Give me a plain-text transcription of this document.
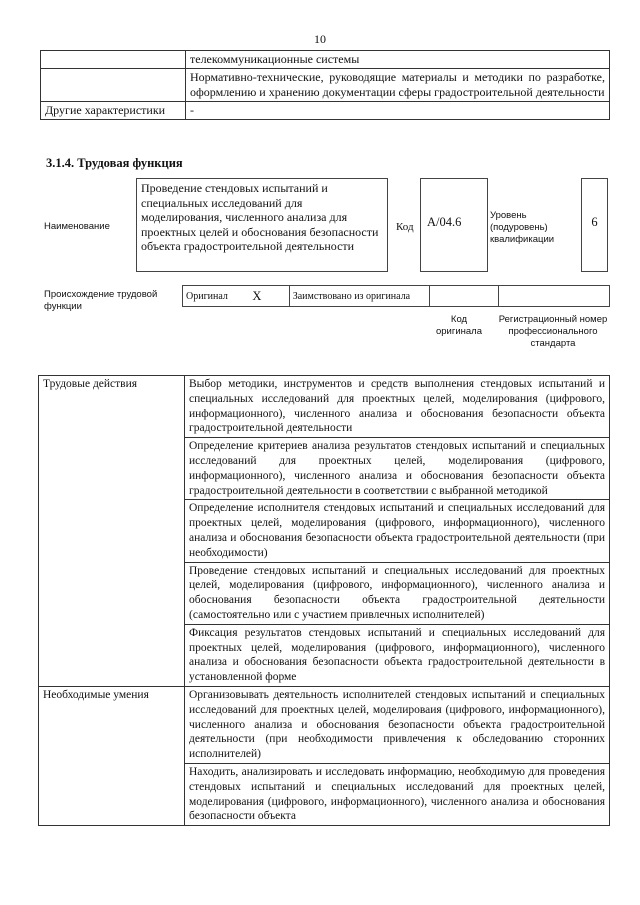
10
	телекоммуникационные системы
	Нормативно-технические, руководящие материалы и методики по разработке, оформлению и хранению документации сферы градостроительной деятельности
Другие характеристики	-
3.1.4. Трудовая функция
Наименование
Проведение стендовых испытаний и специальных исследований для моделирования, численного анализа для проектных целей и обоснования безопасности объекта градостроительной деятельности
Код	А/04.6	Уровень (подуровень) квалификации
6
Происхождение трудовой функции
Оригинал	X	Заимствовано из оригинала		
Код оригинала
Регистрационный номер профессионального стандарта
Трудовые действия	Выбор методики, инструментов и средств выполнения стендовых испытаний и специальных исследований для проектных целей, моделирования (цифрового, информационного), численного анализа и обоснования безопасности объекта градостроительной деятельности
	Определение критериев анализа результатов стендовых испытаний и специальных исследований для проектных целей, моделирования (цифрового, информационного), численного анализа и обоснования безопасности объекта градостроительной деятельности в соответствии с выбранной методикой
	Определение исполнителя стендовых испытаний и специальных исследований для проектных целей, моделирования (цифрового, информационного), численного анализа и обоснования безопасности объекта градостроительной деятельности (при необходимости)
	Проведение стендовых испытаний и специальных исследований для проектных целей, моделирования (цифрового, информационного), численного анализа и обоснования безопасности объекта градостроительной деятельности (самостоятельно или с участием привлечных исполнителей)
	Фиксация результатов стендовых испытаний и специальных исследований для проектных целей, моделирования (цифрового, информационного), численного анализа и обоснования безопасности объекта градостроительной деятельности в установленной форме
Необходимые умения	Организовывать деятельность исполнителей стендовых испытаний и специальных исследований для проектных целей, моделироваия (цифрового, информационного), численного анализа и обоснования безопасности объекта градостроительной деятельности (при необходимости привлечения к обследованию сторонних исполнителей)
	Находить, анализировать и исследовать информацию, необходимую для проведения стендовых испытаний и специальных исследований для проектных целей, моделирования (цифрового, информационного), численного анализа и обоснования безопасности объекта
